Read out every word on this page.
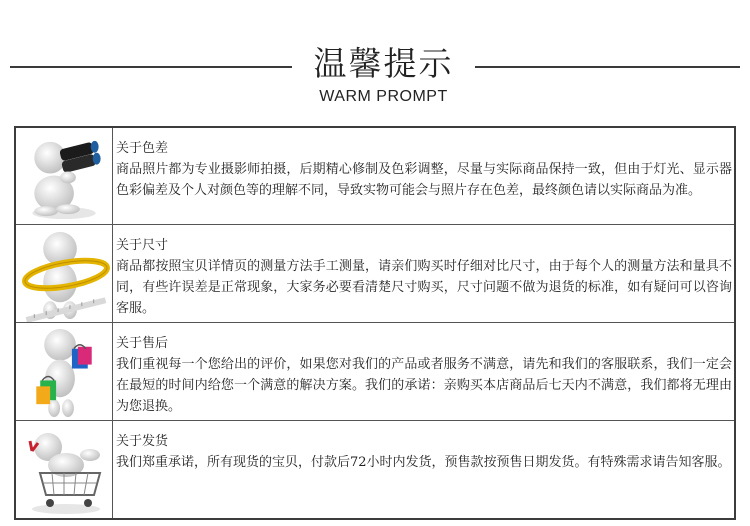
温馨提示
WARM PROMPT
关于色差
商品照片都为专业摄影师拍摄，后期精心修制及色彩调整，尽量与实际商品保持一致，但由于灯光、显示器色彩偏差及个人对颜色等的理解不同，导致实物可能会与照片存在色差，最终颜色请以实际商品为准。
关于尺寸
商品都按照宝贝详情页的测量方法手工测量，请亲们购买时仔细对比尺寸，由于每个人的测量方法和量具不同，有些许误差是正常现象，大家务必要看清楚尺寸购买，尺寸问题不做为退货的标准，如有疑问可以咨询客服。
关于售后
我们重视每一个您给出的评价，如果您对我们的产品或者服务不满意，请先和我们的客服联系，我们一定会在最短的时间内给您一个满意的解决方案。我们的承诺：亲购买本店商品后七天内不满意，我们都将无理由为您退换。
关于发货
我们郑重承诺，所有现货的宝贝，付款后72小时内发货，预售款按预售日期发货。有特殊需求请告知客服。
